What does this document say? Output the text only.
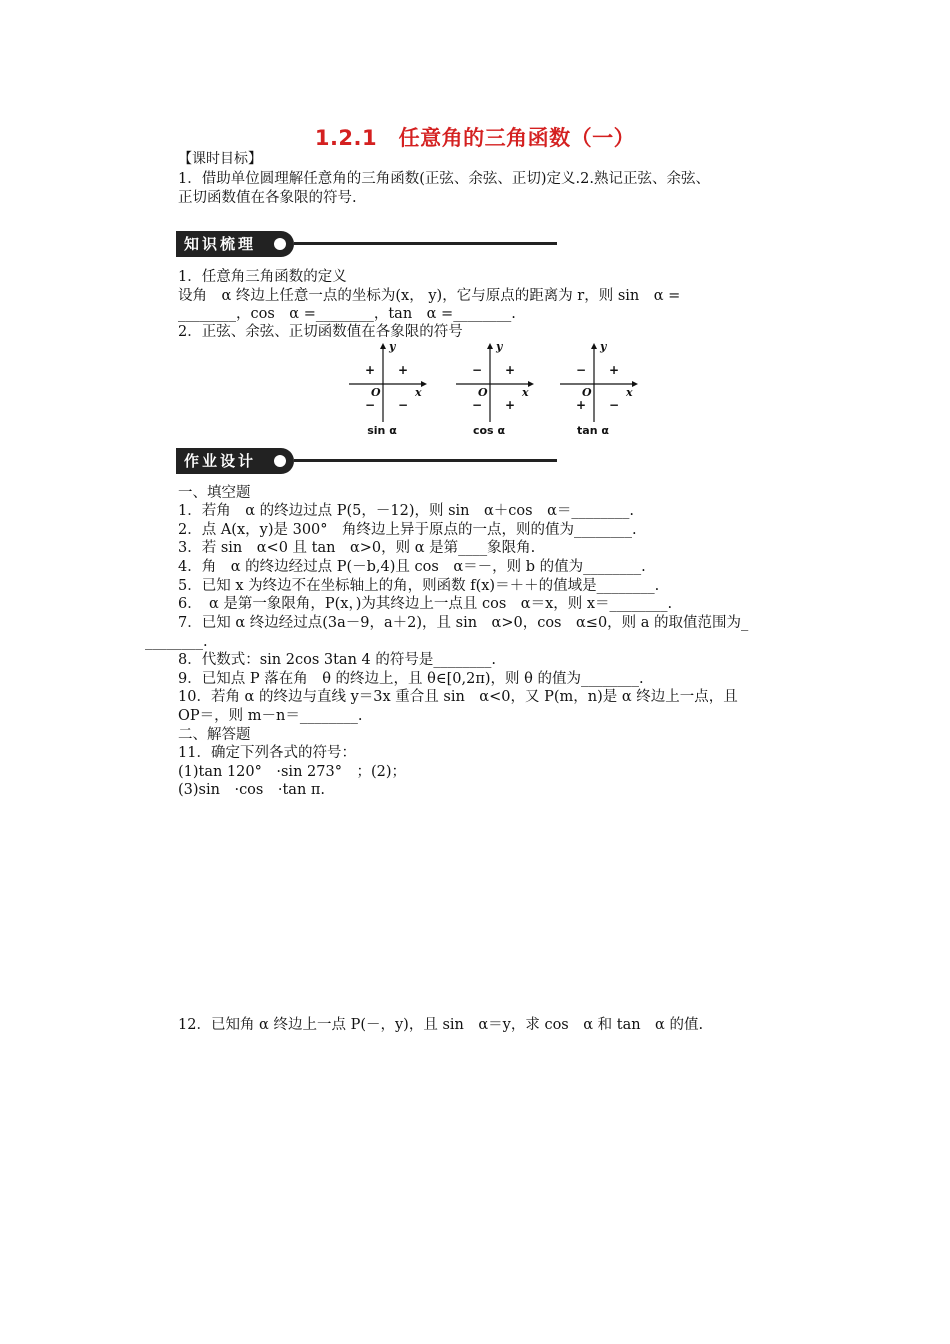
1.2.1　任意角的三角函数（一）
【课时目标】
1．借助单位圆理解任意角的三角函数(正弦、余弦、正切)定义.2.熟记正弦、余弦、
正切函数值在各象限的符号.
知识梳理
1．任意角三角函数的定义
设角　α 终边上任意一点的坐标为(x， y)，它与原点的距离为 r，则 sin　α =
________，cos　α =________，tan　α =________.
2．正弦、余弦、正切函数值在各象限的符号
y
x
O
+ +
− −
sin α
y
x
O
− +
− +
cos α
y
x
O
− +
+ −
tan α
作业设计
一、填空题
1．若角　α 的终边过点 P(5，－12)，则 sin　α＋cos　α＝________.
2．点 A(x，y)是 300°　角终边上异于原点的一点，则的值为________.
3．若 sin　α<0 且 tan　α>0，则 α 是第____象限角.
4．角　α 的终边经过点 P(－b,4)且 cos　α＝－，则 b 的值为________.
5．已知 x 为终边不在坐标轴上的角，则函数 f(x)＝＋＋的值域是________.
6．　α 是第一象限角，P(x，)为其终边上一点且 cos　α＝x，则 x＝________.
7．已知 α 终边经过点(3a－9，a＋2)，且 sin　α>0，cos　α≤0，则 a 的取值范围为_
________.
8．代数式：sin 2cos 3tan 4 的符号是________.
9．已知点 P 落在角　θ 的终边上，且 θ∈[0,2π)，则 θ 的值为________.
10．若角 α 的终边与直线 y＝3x 重合且 sin　α<0，又 P(m，n)是 α 终边上一点，且
OP＝，则 m－n＝________.
二、解答题
11．确定下列各式的符号：
(1)tan 120°　·sin 273°　；(2)；
(3)sin　·cos　·tan π.
12．已知角 α 终边上一点 P(－，y)，且 sin　α＝y，求 cos　α 和 tan　α 的值.
